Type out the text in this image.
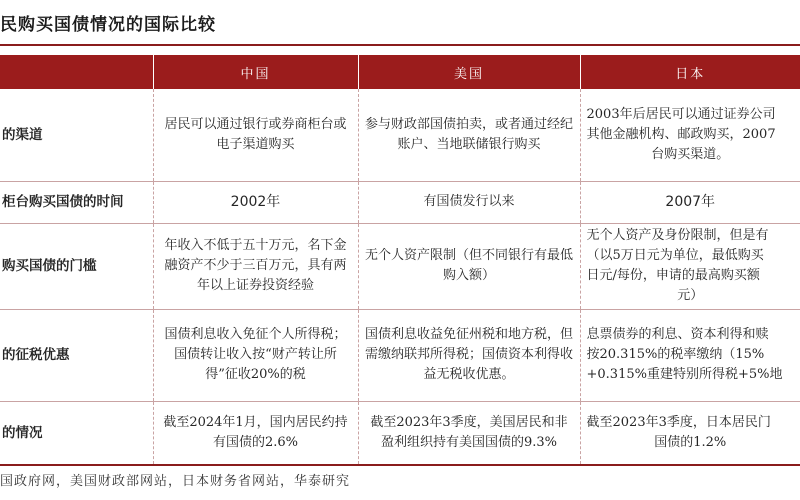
民购买国债情况的国际比较
	中国	美国	日本
的渠道	居民可以通过银行或券商柜台或电子渠道购买	参与财政部国债拍卖，或者通过经纪账户、当地联储银行购买	2003年后居民可以通过证券公司
其他金融机构、邮政购买，2007
台购买渠道。

柜台购买国债的时间	2002年	有国债发行以来	2007年

购买国债的门槛	年收入不低于五十万元，名下金融资产不少于三百万元，具有两年以上证券投资经验	无个人资产限制（但不同银行有最低购入额）	无个人资产及身份限制，但是有
（以5万日元为单位，最低购买
日元/每份，申请的最高购买额
元）

的征税优惠	国债利息收入免征个人所得税；国债转让收入按“财产转让所得”征收20%的税	国债利息收益免征州税和地方税，但需缴纳联邦所得税；国债资本利得收益无税收优惠。	息票债券的利息、资本利得和赎
按20.315%的税率缴纳（15%
+0.315%重建特别所得税+5%地

的情况	截至2024年1月，国内居民约持有国债的2.6%	截至2023年3季度，美国居民和非盈利组织持有美国国债的9.3%	截至2023年3季度，日本居民门
国债的1.2%
国政府网，美国财政部网站，日本财务省网站，华泰研究
